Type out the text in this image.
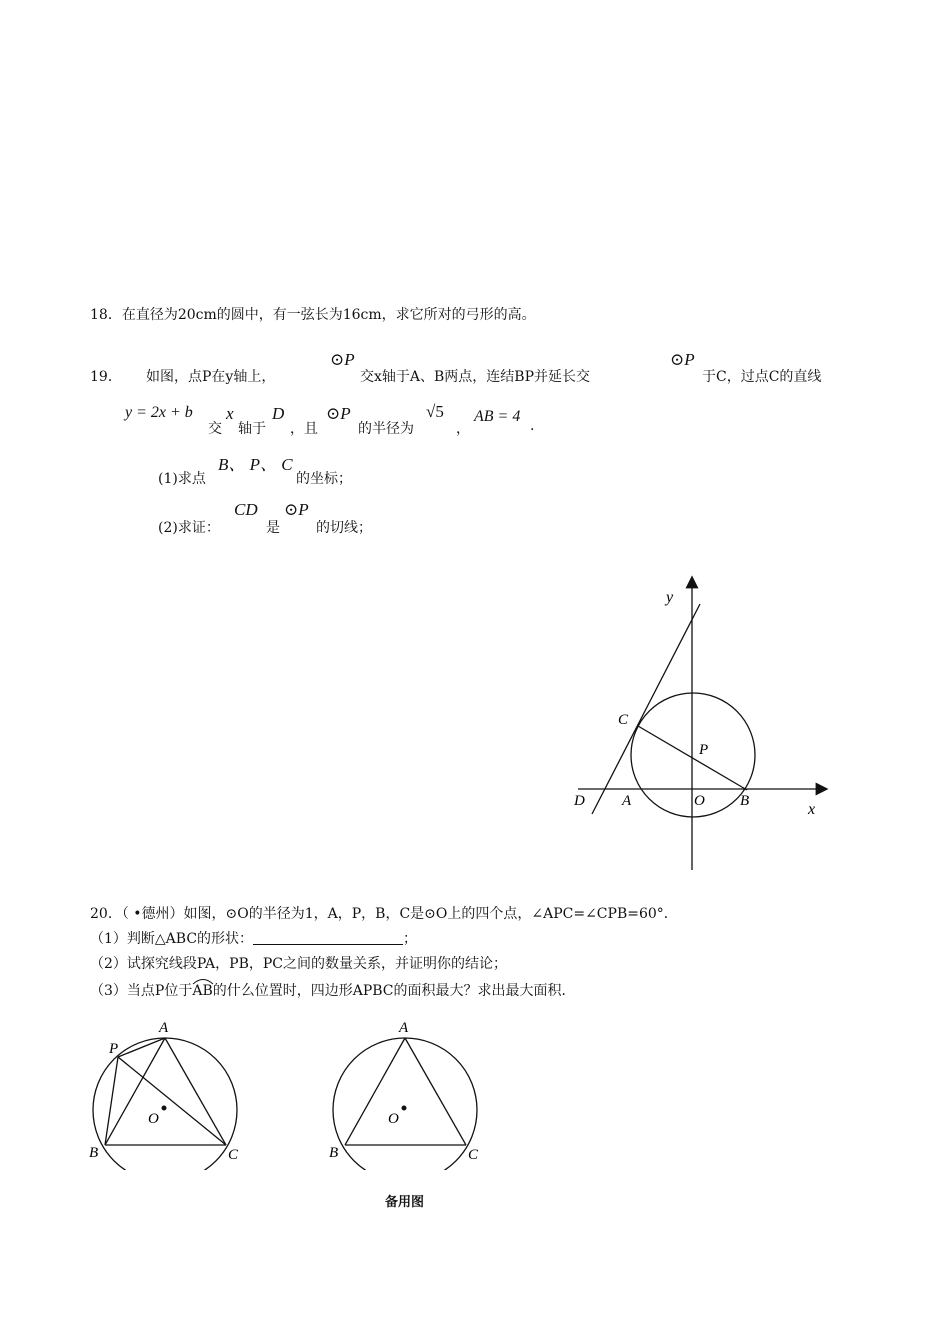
18．在直径为20cm的圆中，有一弦长为16cm，求它所对的弓形的高。
19． 如图，点P在y轴上，
⊙P
交x轴于A、B两点，连结BP并延长交
⊙P
于C，过点C的直线
y = 2x + b
交
x
轴于
D
，且
⊙P
的半径为
√5
，
AB = 4
.
(1)求点
B、 P、 C
的坐标；
(2)求证：
CD
是
⊙P
的切线；
y
x
C
P
D A	O B
20．（ •德州）如图，⊙O的半径为1，A，P，B，C是⊙O上的四个点，∠APC=∠CPB=60°．
（1）判断△ABC的形状：	；
（2）试探究线段PA，PB，PC之间的数量关系，并证明你的结论；
（3）当点P位于
AB的什么位置时，四边形APBC的面积最大？求出最大面积．
A
P
O
B	C
A
O
B	C
备用图
